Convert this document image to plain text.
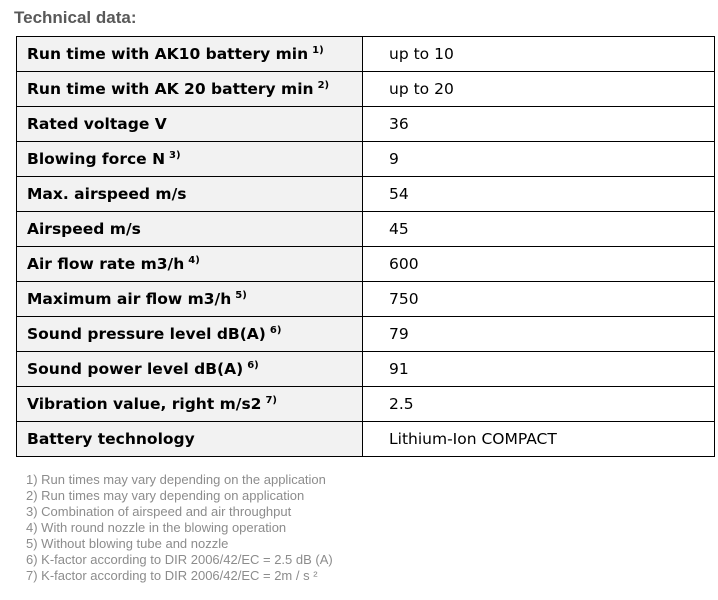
Technical data:
Run time with AK10 battery min $^{1)}$	up to 10
Run time with AK 20 battery min $^{2)}$	up to 20
Rated voltage V	36
Blowing force N $^{3)}$	9
Max. airspeed m/s	54
Airspeed m/s	45
Air flow rate m3/h $^{4)}$	600
Maximum air flow m3/h $^{5)}$	750
Sound pressure level dB(A) $^{6)}$	79
Sound power level dB(A) $^{6)}$	91
Vibration value, right m/s2 $^{7)}$	2.5
Battery technology	Lithium-Ion COMPACT
1) Run times may vary depending on the application
2) Run times may vary depending on application
3) Combination of airspeed and air throughput
4) With round nozzle in the blowing operation
5) Without blowing tube and nozzle
6) K-factor according to DIR 2006/42/EC = 2.5 dB (A)
7) K-factor according to DIR 2006/42/EC = 2m / s ²
